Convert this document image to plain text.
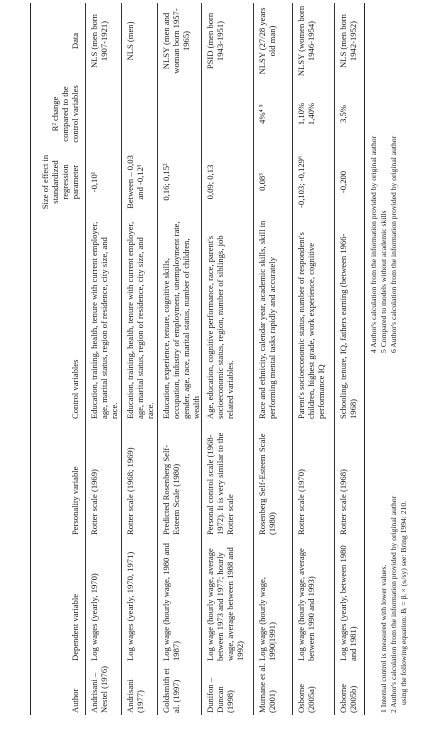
Author
Dependent variable
Personality variable
Control variables
Size of effect in standardized regression parameter
R² change compared to the control variables
Data
Andrisani – Nestel (1976)
Log wages (yearly, 1970)
Rotter scale (1969)
Education, training, health, tenure with current employer, age, marital status, region of residence, city size, and race.
-0,10¹
NLS (men born 1907-1921)
Andrisani (1977)
Log wages (yearly, 1970, 1971)
Rotter scale (1968; 1969)
Education, training, health, tenure with current employer, age, marital status, region of residence, city size, and race.
Between – 0,03 and -0,12¹
NLS (men)
Goldsmith et al. (1997)
Log wage (hourly wage, 1980 and 1987)
Predicted Rosenberg Self-Esteem Scale (1980)
Education, experience, tenure, cognitive skills, occupation, industry of employment, unemployment rate, gender, age, race, marital status, number of children, wealth
0,16; 0,15²
NLSY (men and woman born 1957-1965)
Dunifon – Duncan (1998)
Log wage (hourly wage, average between 1973 and 1977; hourly wage, average between 1988 and 1992)
Personal control scale (1968-1972). It is very similar to the Rotter scale
Age, education, cognitive performance, race, parent's socioeconomic status, region, number of siblings, job related variables.
0,09; 0,13
PSID (men born 1943-1951)
Murnane et al. (2001)
Log wage (hourly wage, 1990|1991)
Rosenberg Self-Esteem Scale (1980)
Race and ethnicity, calendar year, academic skills, skill in performing mental tasks rapidly and accurately
0,08³
4%⁴ ⁵
NLSY (27/28 years old man)
Osborne (2005a)
Log wage (hourly wage, average between 1990 and 1993)
Rotter scale (1970)
Parent's socioeconomic status, number of respondent's children, highest grade, work experience, cognitive performance IQ
-0,103; -0,129⁶
1,10% 1,40%
NLSY (women born 1946-1954)
Osborne (2005b)
Log wages (yearly, between 1980 and 1981)
Rotter scale (1968)
Schooling, tenure, IQ, fathers earning (between 1966-1968)
-0,200
3,5%
NLS (men born 1942-1952)
1 Internal control is measured with lower values. 2 Author's calculation from the information provided by original author using the following equation: Bᵢ = βᵢ × (sᵢ/sy) see: Bring 1994: 210.
4 Author's calculation from the information provided by original author 5 Compared to models without academic skills 6 Author's calculation from the information provided by original author
